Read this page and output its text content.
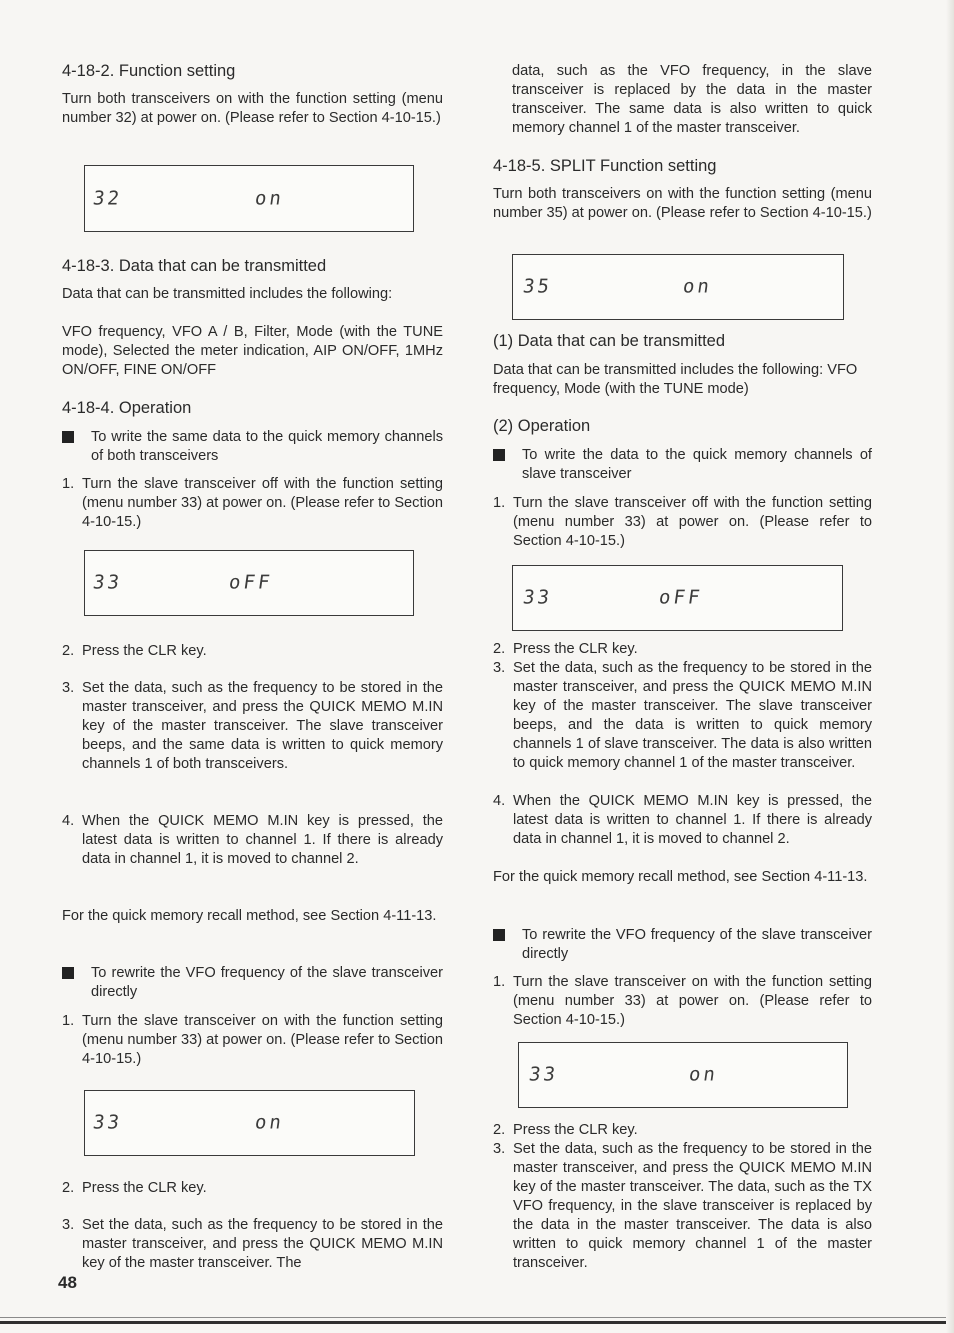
4-18-2. Function setting

Turn both transceivers on with the function setting (menu number 32) at power on. (Please refer to Section 4-10-15.)

32	on
4-18-3. Data that can be transmitted

Data that can be transmitted includes the following:

VFO frequency, VFO A / B, Filter, Mode (with the TUNE mode), Selected the meter indication, AIP ON/OFF, 1MHz ON/OFF, FINE ON/OFF

4-18-4. Operation

To write the same data to the quick memory channels of both transceivers

1. Turn the slave transceiver off with the function setting (menu number 33) at power on. (Please refer to Section 4-10-15.)

33	oFF
2. Press the CLR key.

3. Set the data, such as the frequency to be stored in the master transceiver, and press the QUICK MEMO M.IN key of the master transceiver. The slave transceiver beeps, and the same data is written to quick memory channels 1 of both transceivers.

4. When the QUICK MEMO M.IN key is pressed, the latest data is written to channel 1. If there is already data in channel 1, it is moved to channel 2.

For the quick memory recall method, see Section 4-11-13.

To rewrite the VFO frequency of the slave transceiver directly

1. Turn the slave transceiver on with the function setting (menu number 33) at power on. (Please refer to Section 4-10-15.)

33	on
2. Press the CLR key.

3. Set the data, such as the frequency to be stored in the master transceiver, and press the QUICK MEMO M.IN key of the master transceiver. The

48

data, such as the VFO frequency, in the slave transceiver is replaced by the data in the master transceiver. The same data is also written to quick memory channel 1 of the master transceiver.

4-18-5. SPLIT Function setting

Turn both transceivers on with the function setting (menu number 35) at power on. (Please refer to Section 4-10-15.)

35	on
(1) Data that can be transmitted

Data that can be transmitted includes the following: VFO frequency, Mode (with the TUNE mode)

(2) Operation

To write the data to the quick memory channels of slave transceiver

1. Turn the slave transceiver off with the function setting (menu number 33) at power on. (Please refer to Section 4-10-15.)

33	oFF
2. Press the CLR key.

3. Set the data, such as the frequency to be stored in the master transceiver, and press the QUICK MEMO M.IN key of the master transceiver. The slave transceiver beeps, and the data is written to quick memory channels 1 of slave transceiver. The data is also written to quick memory channel 1 of the master transceiver.

4. When the QUICK MEMO M.IN key is pressed, the latest data is written to channel 1. If there is already data in channel 1, it is moved to channel 2.

For the quick memory recall method, see Section 4-11-13.

To rewrite the VFO frequency of the slave transceiver directly

1. Turn the slave transceiver on with the function setting (menu number 33) at power on. (Please refer to Section 4-10-15.)

33	on
2. Press the CLR key.

3. Set the data, such as the frequency to be stored in the master transceiver, and press the QUICK MEMO M.IN key of the master transceiver. The data, such as the TX VFO frequency, in the slave transceiver is replaced by the data in the master transceiver. The data is also written to quick memory channel 1 of the master transceiver.
